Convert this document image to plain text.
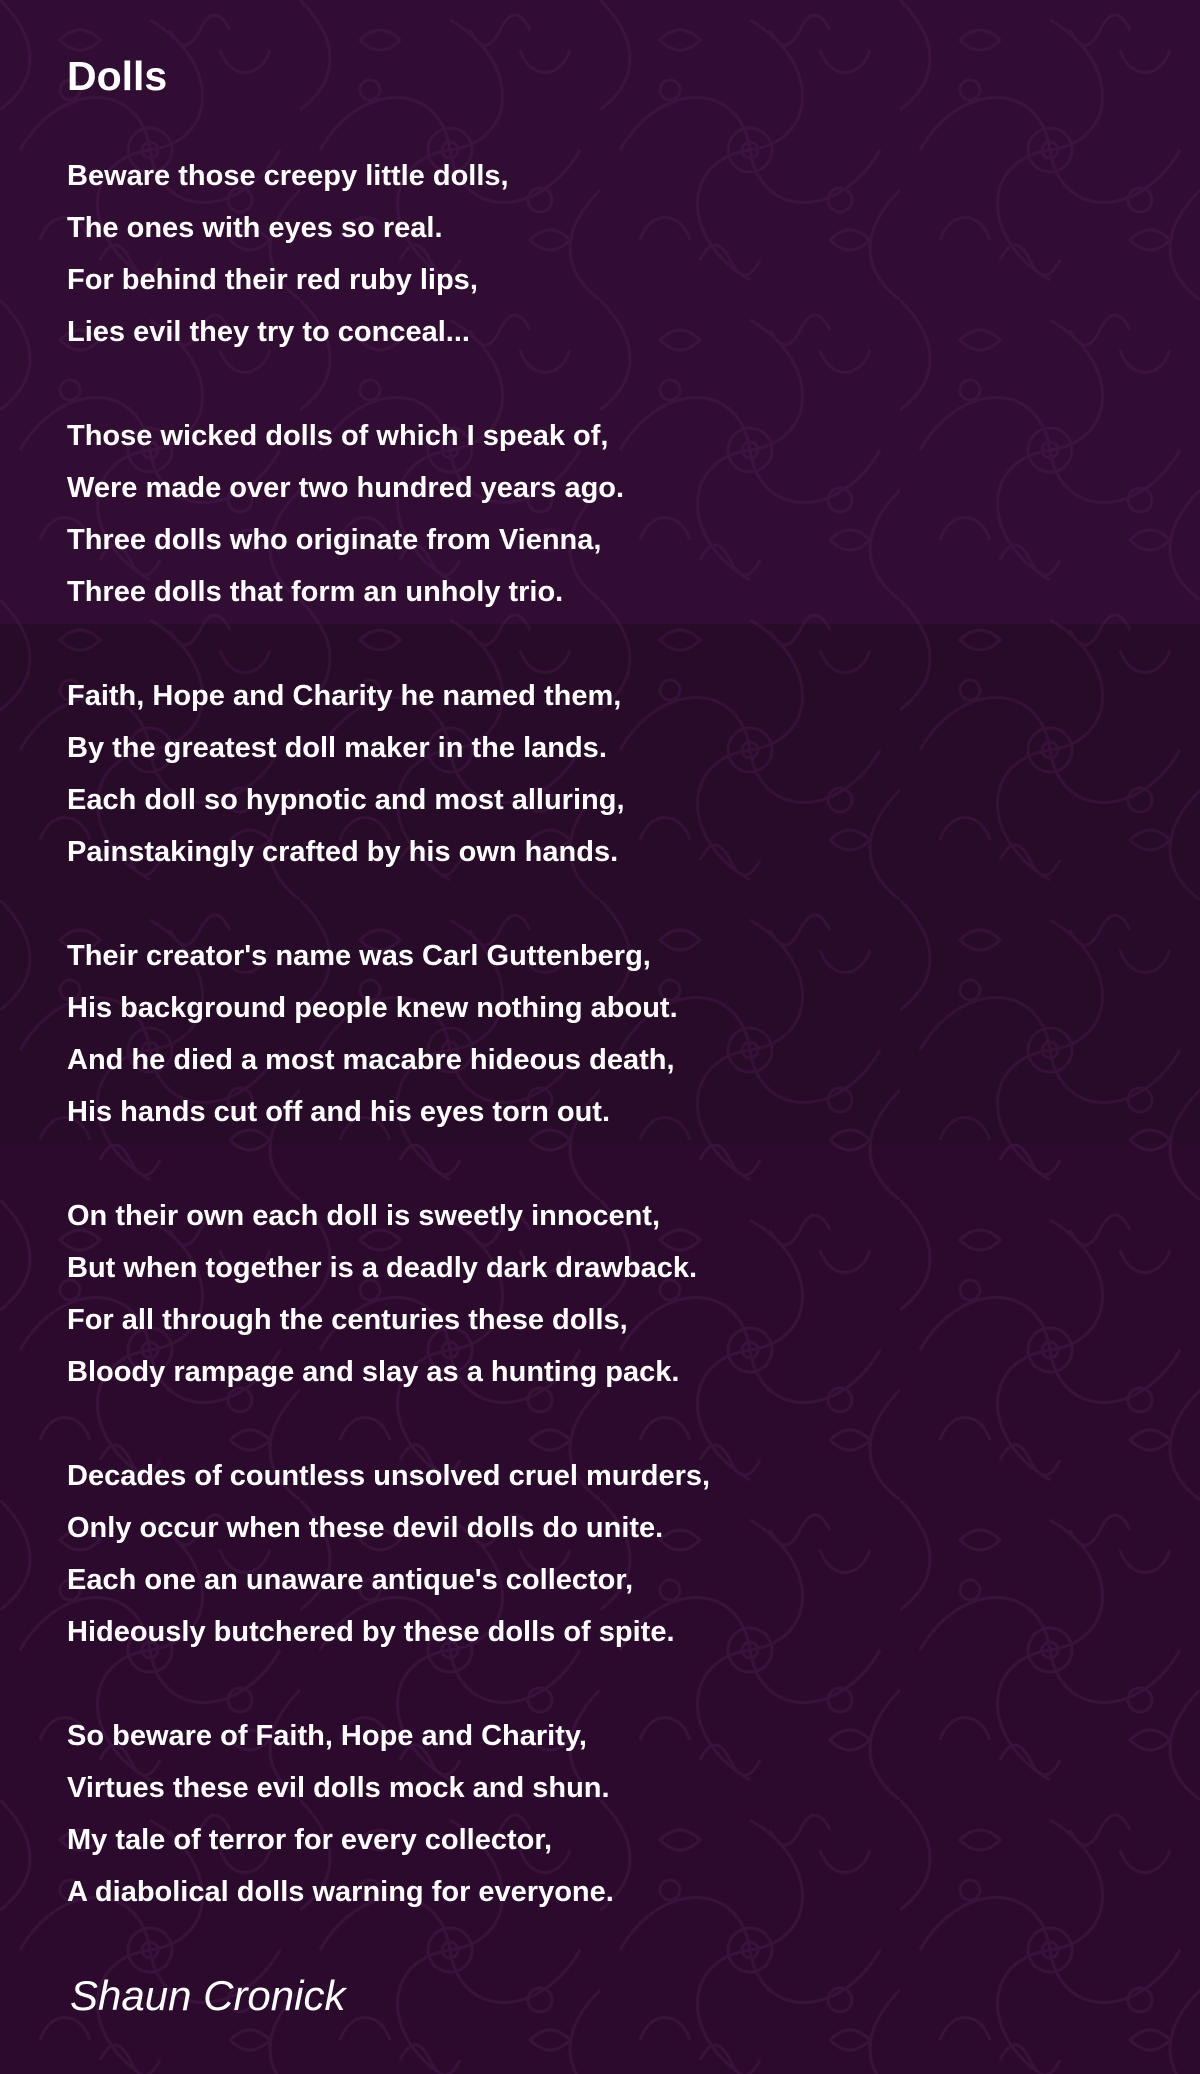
Dolls
Beware those creepy little dolls,
The ones with eyes so real.
For behind their red ruby lips,
Lies evil they try to conceal...
Those wicked dolls of which I speak of,
Were made over two hundred years ago.
Three dolls who originate from Vienna,
Three dolls that form an unholy trio.
Faith, Hope and Charity he named them,
By the greatest doll maker in the lands.
Each doll so hypnotic and most alluring,
Painstakingly crafted by his own hands.
Their creator's name was Carl Guttenberg,
His background people knew nothing about.
And he died a most macabre hideous death,
His hands cut off and his eyes torn out.
On their own each doll is sweetly innocent,
But when together is a deadly dark drawback.
For all through the centuries these dolls,
Bloody rampage and slay as a hunting pack.
Decades of countless unsolved cruel murders,
Only occur when these devil dolls do unite.
Each one an unaware antique's collector,
Hideously butchered by these dolls of spite.
So beware of Faith, Hope and Charity,
Virtues these evil dolls mock and shun.
My tale of terror for every collector,
A diabolical dolls warning for everyone.
Shaun Cronick
